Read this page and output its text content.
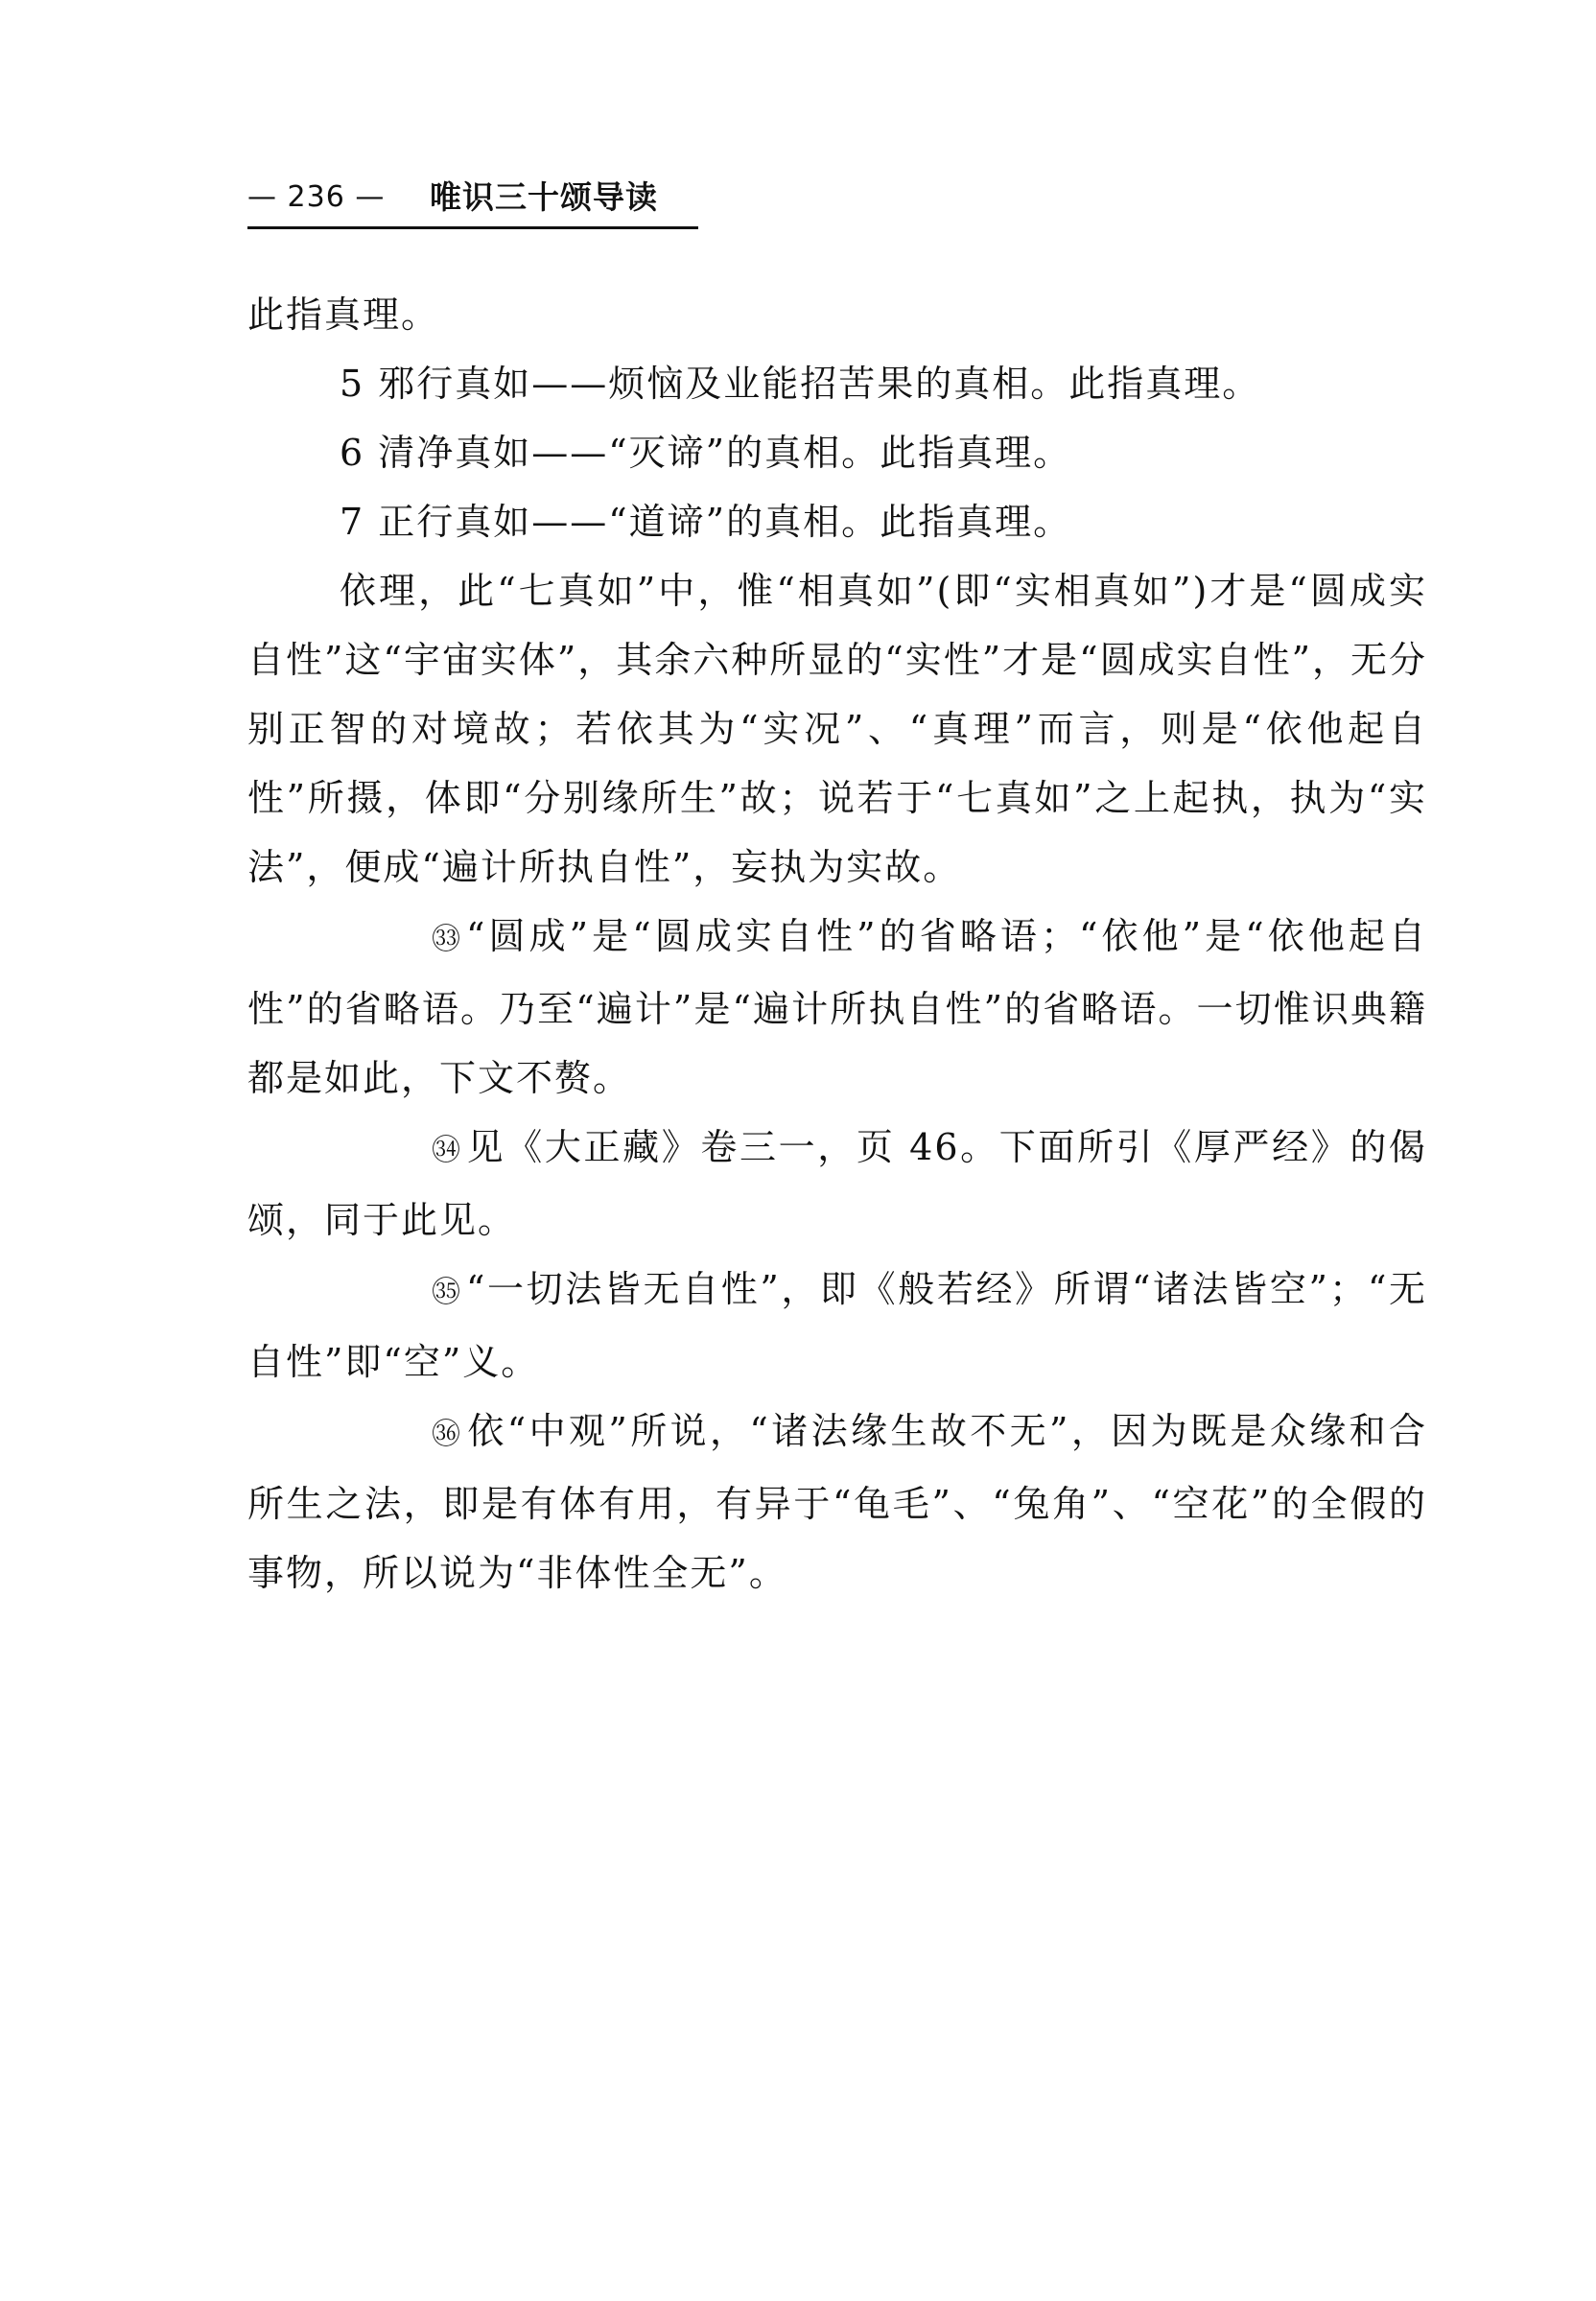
— 236 — 唯识三十颂导读

此指真理。

5 邪行真如——烦恼及业能招苦果的真相。此指真理。

6 清净真如——“灭谛”的真相。此指真理。

7 正行真如——“道谛”的真相。此指真理。

依理，此“七真如”中，惟“相真如”(即“实相真如”)才是“圆成实自性”这“宇宙实体”，其余六种所显的“实性”才是“圆成实自性”，无分别正智的对境故；若依其为“实况”、“真理”而言，则是“依他起自性”所摄，体即“分别缘所生”故；说若于“七真如”之上起执，执为“实法”，便成“遍计所执自性”，妄执为实故。

㉝ “圆成”是“圆成实自性”的省略语；“依他”是“依他起自性”的省略语。乃至“遍计”是“遍计所执自性”的省略语。一切惟识典籍都是如此，下文不赘。

㉞ 见《大正藏》卷三一，页 46。下面所引《厚严经》的偈颂，同于此见。

㉟ “一切法皆无自性”，即《般若经》所谓“诸法皆空”；“无自性”即“空”义。

㊱ 依“中观”所说，“诸法缘生故不无”，因为既是众缘和合所生之法，即是有体有用，有异于“龟毛”、“兔角”、“空花”的全假的事物，所以说为“非体性全无”。
